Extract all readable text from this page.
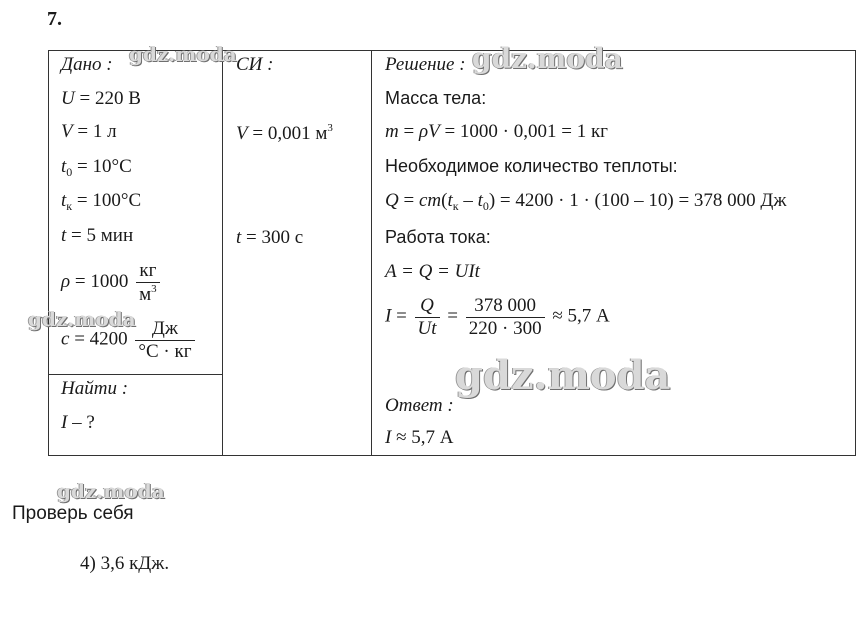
7.
Дано :
U = 220 В
V = 1 л
$t_0 = 10^\circ С$
$t_к = 100^\circ С$
t = 5 мин
$\rho = 1000 \frac{кг}{м^3}$
$c = 4200 \frac{Дж}{^\circ С \cdot кг}$
Найти :
I – ?
СИ :
V = 0,001 $м^3$
t = 300 с
Решение :
Масса тела:
m = ρV = 1000 · 0,001 = 1 кг
Необходимое количество теплоты:
$Q = cm(t_к - t_0) = 4200 \cdot 1 \cdot (100 - 10) = 378$ 000 Дж
Работа тока:
A = Q = UIt
$I = \frac{Q}{Ut} = \frac{378 000}{220 \cdot 300} \approx 5,7$ А
Ответ :
I ≈ 5,7 А
gdz.moda	gdz.moda
gdz.moda
gdz.moda
gdz.moda
Проверь себя
4) 3,6 кДж.
